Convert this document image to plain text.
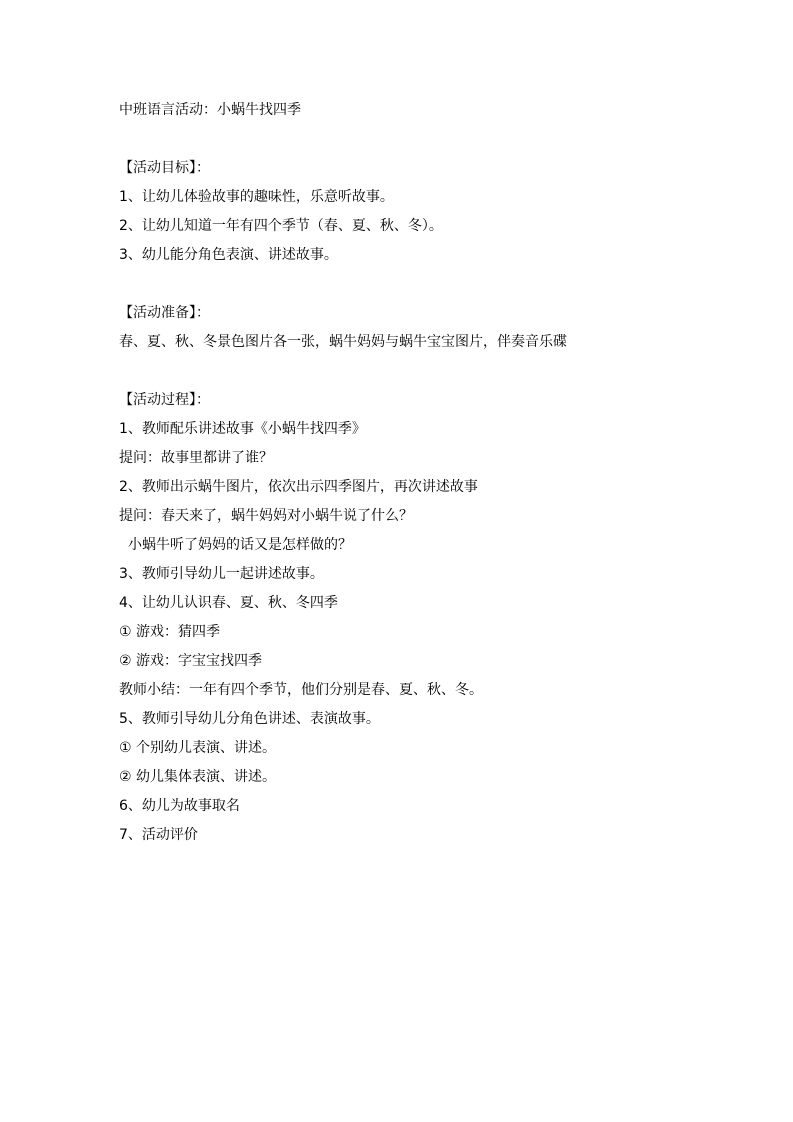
中班语言活动：小蜗牛找四季
【活动目标】：
1、让幼儿体验故事的趣味性，乐意听故事。
2、让幼儿知道一年有四个季节（春、夏、秋、冬）。
3、幼儿能分角色表演、讲述故事。
【活动准备】：
春、夏、秋、冬景色图片各一张，蜗牛妈妈与蜗牛宝宝图片，伴奏音乐碟
【活动过程】：
1、教师配乐讲述故事《小蜗牛找四季》
提问：故事里都讲了谁？
2、教师出示蜗牛图片，依次出示四季图片，再次讲述故事
提问：春天来了，蜗牛妈妈对小蜗牛说了什么？
小蜗牛听了妈妈的话又是怎样做的？
3、教师引导幼儿一起讲述故事。
4、让幼儿认识春、夏、秋、冬四季
① 游戏：猜四季
② 游戏：字宝宝找四季
教师小结：一年有四个季节，他们分别是春、夏、秋、冬。
5、教师引导幼儿分角色讲述、表演故事。
① 个别幼儿表演、讲述。
② 幼儿集体表演、讲述。
6、幼儿为故事取名
7、活动评价
